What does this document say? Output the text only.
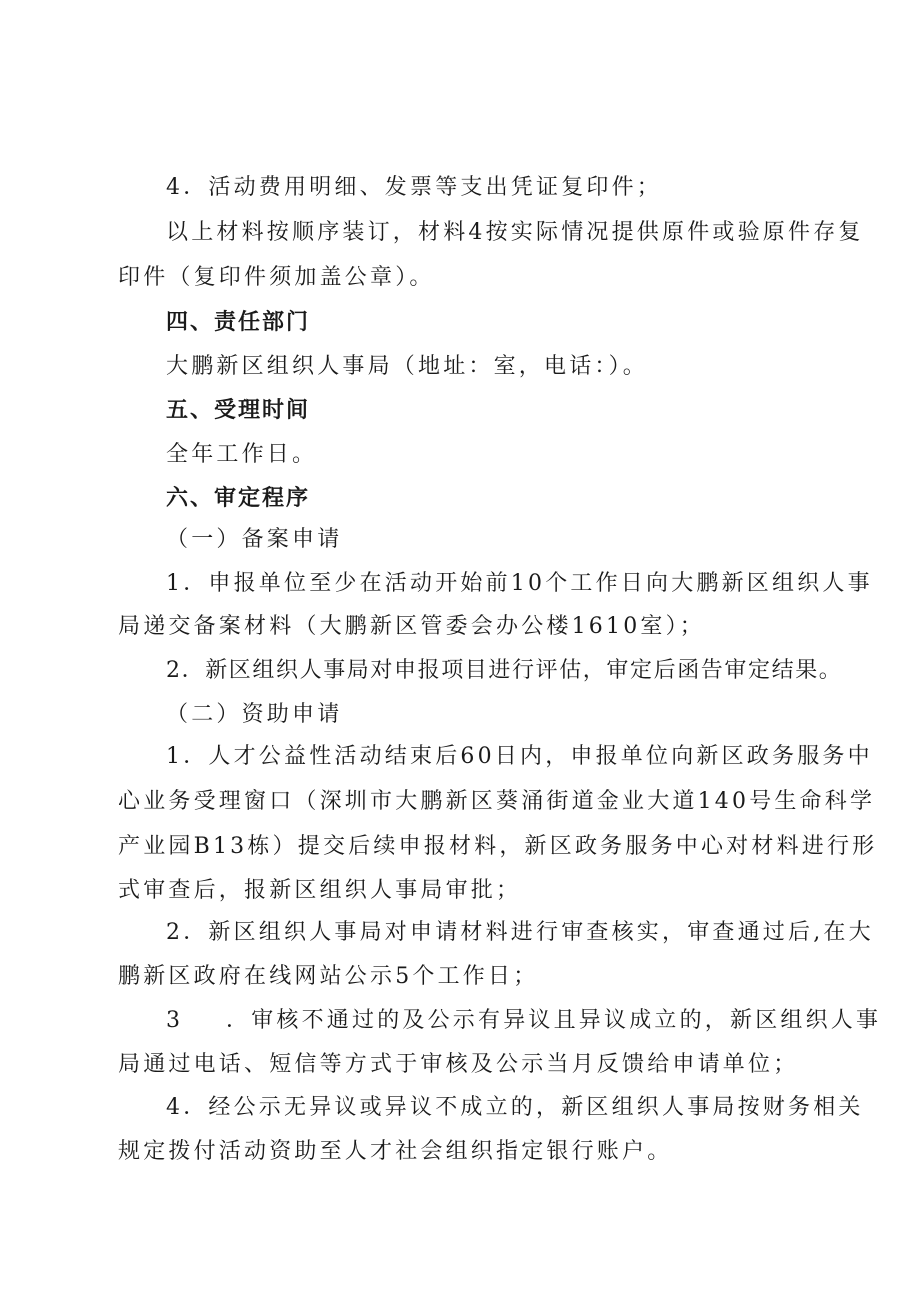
4．活动费用明细、发票等支出凭证复印件；
以上材料按顺序装订，材料4按实际情况提供原件或验原件存复
印件（复印件须加盖公章）。
四、责任部门
大鹏新区组织人事局（地址：室，电话：）。
五、受理时间
全年工作日。
六、审定程序
（一）备案申请
1．申报单位至少在活动开始前10个工作日向大鹏新区组织人事
局递交备案材料（大鹏新区管委会办公楼1610室）；
2．新区组织人事局对申报项目进行评估，审定后函告审定结果。
（二）资助申请
1．人才公益性活动结束后60日内，申报单位向新区政务服务中
心业务受理窗口（深圳市大鹏新区葵涌街道金业大道140号生命科学
产业园B13栋）提交后续申报材料，新区政务服务中心对材料进行形
式审查后，报新区组织人事局审批；
2．新区组织人事局对申请材料进行审查核实，审查通过后,在大
鹏新区政府在线网站公示5个工作日；
3 ．审核不通过的及公示有异议且异议成立的，新区组织人事
局通过电话、短信等方式于审核及公示当月反馈给申请单位；
4．经公示无异议或异议不成立的，新区组织人事局按财务相关
规定拨付活动资助至人才社会组织指定银行账户。
